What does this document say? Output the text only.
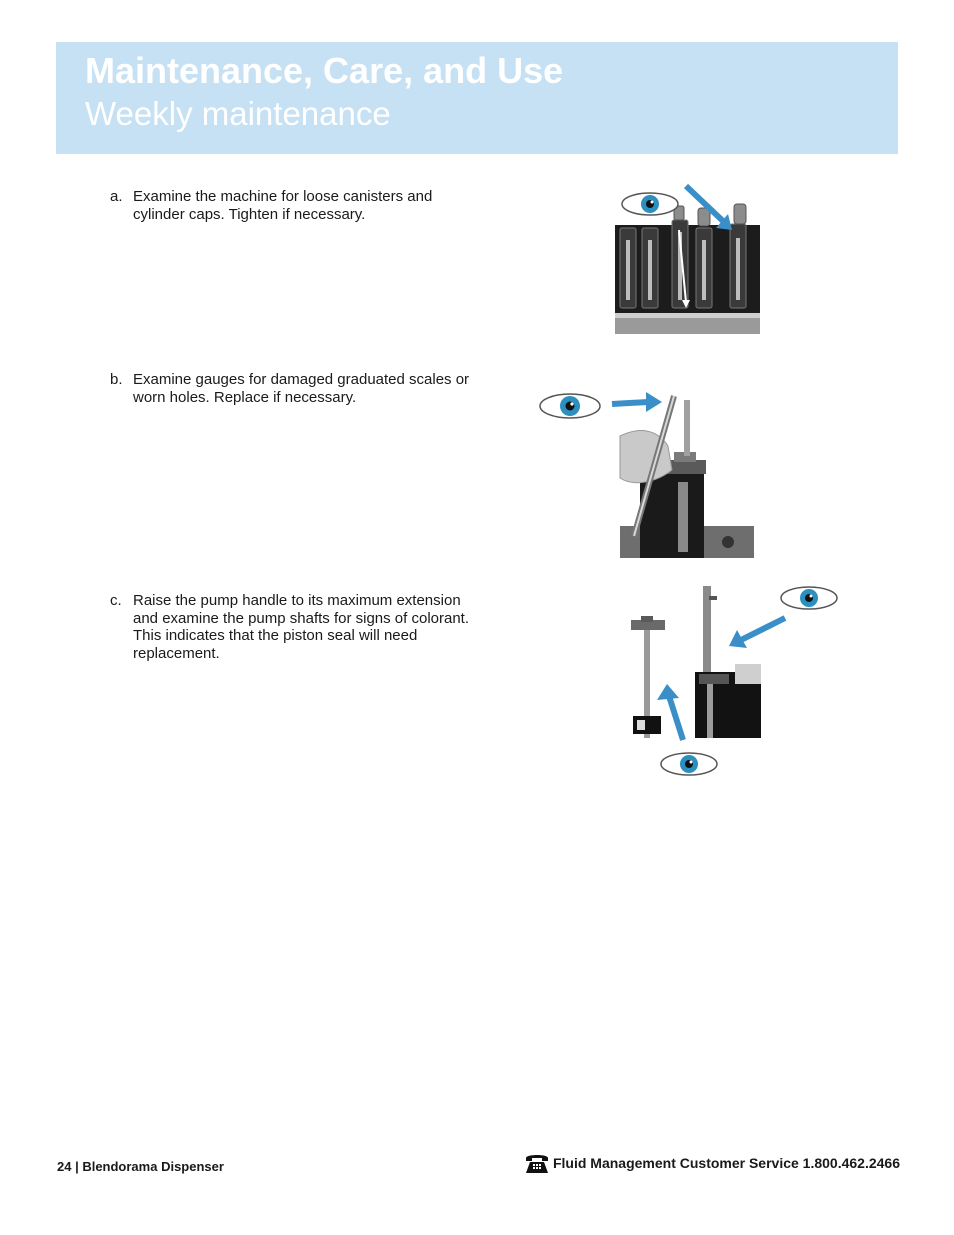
Maintenance, Care, and Use
Weekly maintenance
a. Examine the machine for loose canisters and cylinder caps. Tighten if necessary.
b. Examine gauges for damaged graduated scales or worn holes. Replace if necessary.
c. Raise the pump handle to its maximum extension and examine the pump shafts for signs of colorant. This indicates that the piston seal will need replacement.
24 | Blendorama Dispenser	Fluid Management Customer Service 1.800.462.2466
